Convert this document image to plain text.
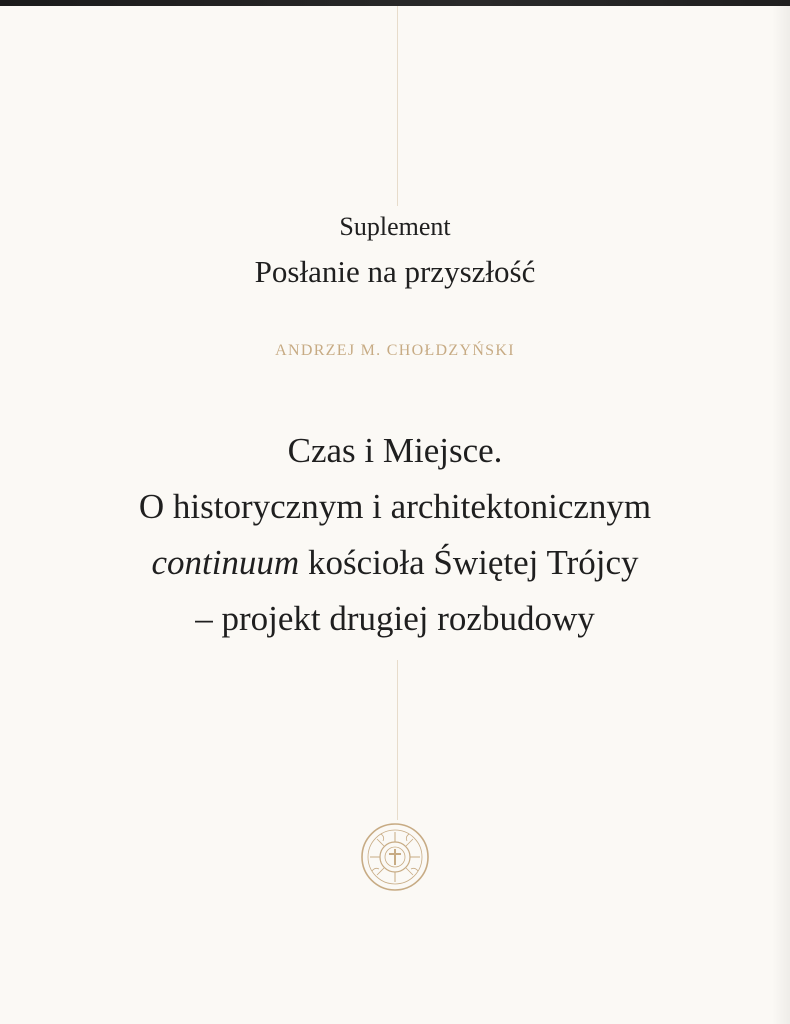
Suplement
Posłanie na przyszłość
ANDRZEJ M. CHOŁDZYŃSKI
Czas i Miejsce.
O historycznym i architektonicznym
continuum kościoła Świętej Trójcy
– projekt drugiej rozbudowy
